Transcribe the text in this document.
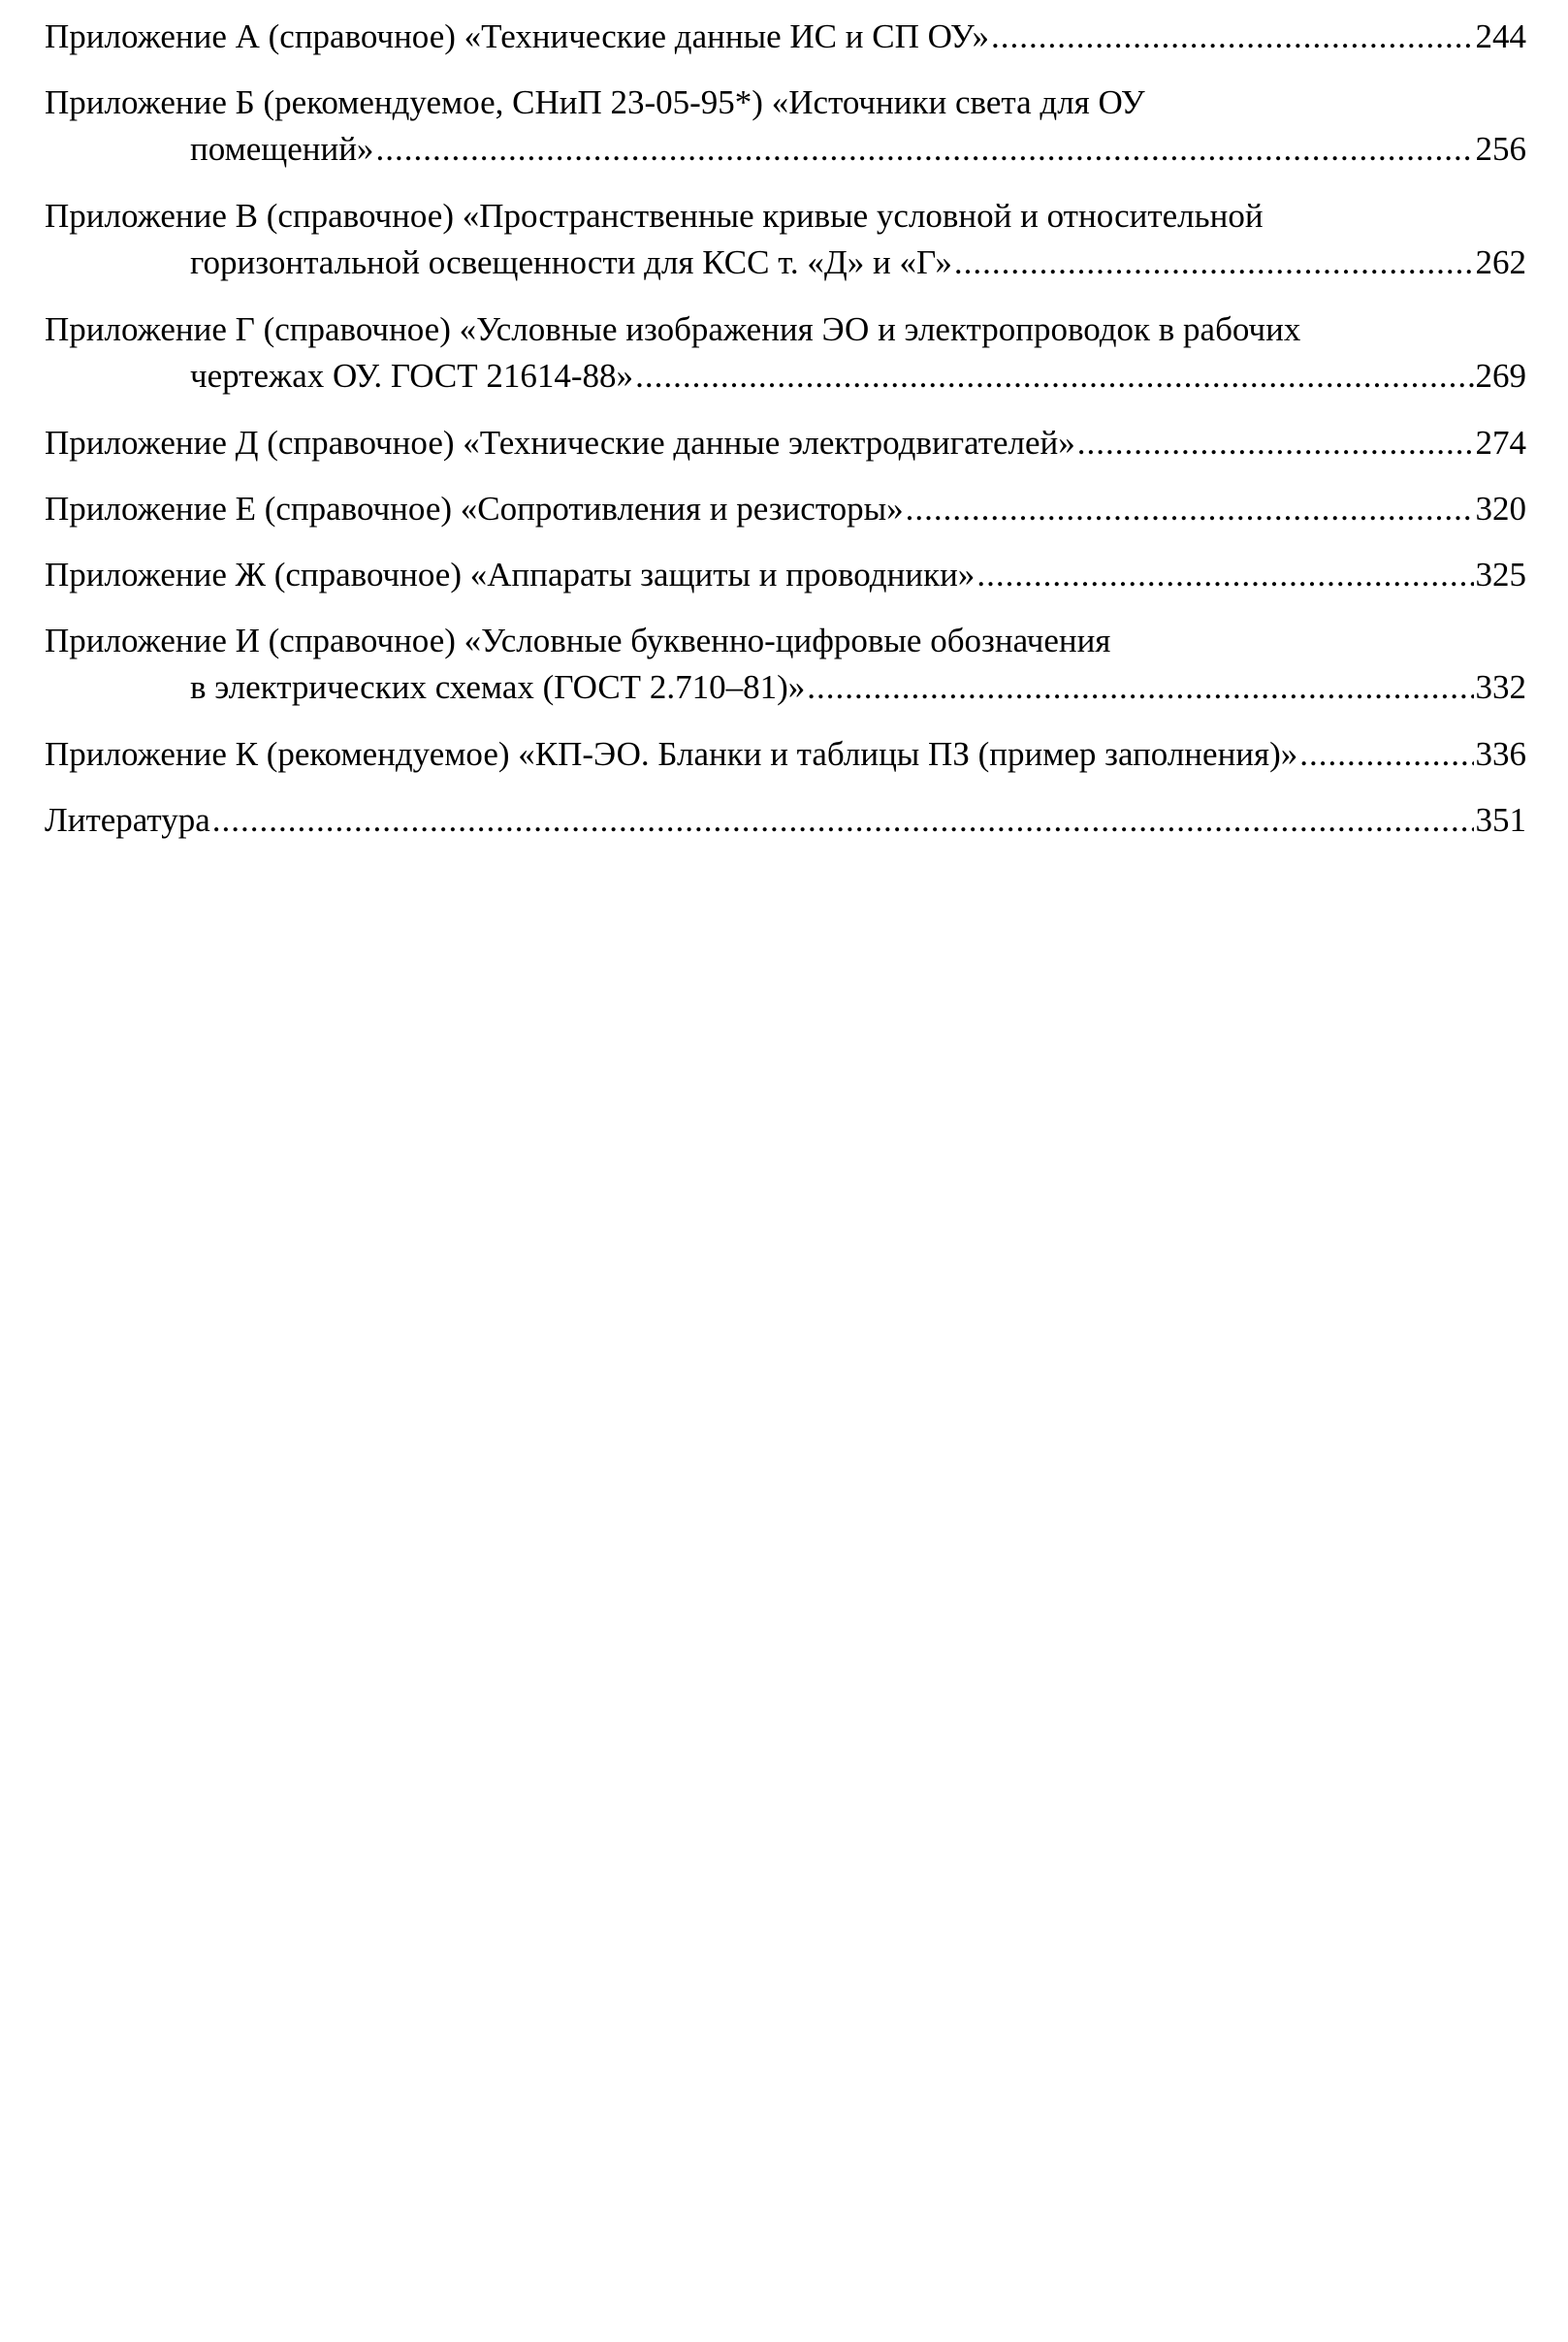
Приложение А (справочное) «Технические данные ИС и СП ОУ» .....	244
Приложение Б (рекомендуемое, СНиП 23-05-95*) «Источники света для ОУ
помещений» .....	256
Приложение В (справочное) «Пространственные кривые условной и относительной
горизонтальной освещенности для КСС т. «Д» и «Г» .....	262
Приложение Г (справочное) «Условные изображения ЭО и электропроводок в рабочих
чертежах ОУ. ГОСТ 21614-88» .....	269
Приложение Д (справочное) «Технические данные электродвигателей» .....	274
Приложение Е (справочное) «Сопротивления и резисторы» .....	320
Приложение Ж (справочное) «Аппараты защиты и проводники» .....	325
Приложение И (справочное) «Условные буквенно-цифровые обозначения
в электрических схемах (ГОСТ 2.710–81)» .....	332
Приложение К (рекомендуемое) «КП-ЭО. Бланки и таблицы ПЗ (пример заполнения)» .....	336
Литература .....	351
